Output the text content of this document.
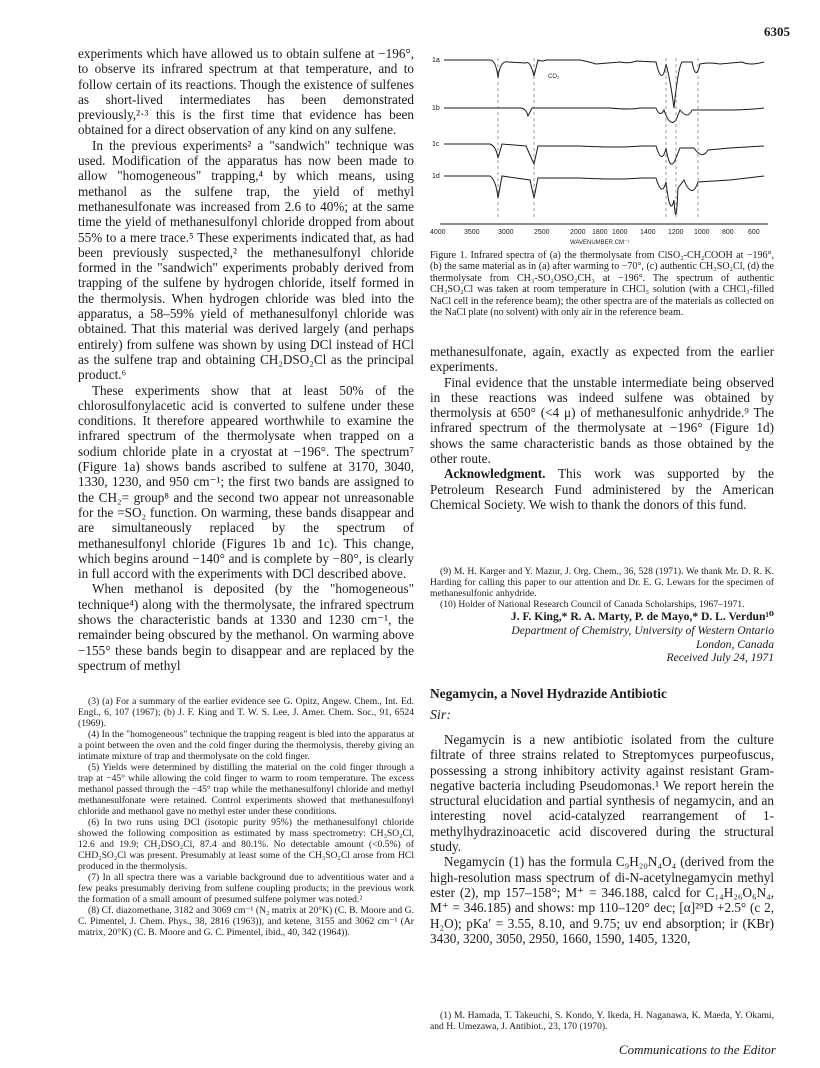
6305

experiments which have allowed us to obtain sulfene at −196°, to observe its infrared spectrum at that temperature, and to follow certain of its reactions. Though the existence of sulfenes as short-lived intermediates has been demonstrated previously,²·³ this is the first time that evidence has been obtained for a direct observation of any kind on any sulfene.

In the previous experiments² a "sandwich" technique was used. Modification of the apparatus has now been made to allow "homogeneous" trapping,⁴ by which means, using methanol as the sulfene trap, the yield of methyl methanesulfonate was increased from 2.6 to 40%; at the same time the yield of methanesulfonyl chloride dropped from about 55% to a mere trace.⁵ These experiments indicated that, as had been previously suspected,² the methanesulfonyl chloride formed in the "sandwich" experiments probably derived from trapping of the sulfene by hydrogen chloride, itself formed in the thermolysis. When hydrogen chloride was bled into the apparatus, a 58–59% yield of methanesulfonyl chloride was obtained. That this material was derived largely (and perhaps entirely) from sulfene was shown by using DCl instead of HCl as the sulfene trap and obtaining CH₂DSO₂Cl as the principal product.⁶

These experiments show that at least 50% of the chlorosulfonylacetic acid is converted to sulfene under these conditions. It therefore appeared worthwhile to examine the infrared spectrum of the thermolysate when trapped on a sodium chloride plate in a cryostat at −196°. The spectrum⁷ (Figure 1a) shows bands ascribed to sulfene at 3170, 3040, 1330, 1230, and 950 cm⁻¹; the first two bands are assigned to the CH₂= group⁸ and the second two appear not unreasonable for the =SO₂ function. On warming, these bands disappear and are simultaneously replaced by the spectrum of methanesulfonyl chloride (Figures 1b and 1c). This change, which begins around −140° and is complete by −80°, is clearly in full accord with the experiments with DCl described above.

When methanol is deposited (by the "homogeneous" technique⁴) along with the thermolysate, the infrared spectrum shows the characteristic bands at 1330 and 1230 cm⁻¹, the remainder being obscured by the methanol. On warming above −155° these bands begin to disappear and are replaced by the spectrum of methyl

(3) (a) For a summary of the earlier evidence see G. Opitz, Angew. Chem., Int. Ed. Engl., 6, 107 (1967); (b) J. F. King and T. W. S. Lee, J. Amer. Chem. Soc., 91, 6524 (1969).

(4) In the "homogeneous" technique the trapping reagent is bled into the apparatus at a point between the oven and the cold finger during the thermolysis, thereby giving an intimate mixture of trap and thermolysate on the cold finger.

(5) Yields were determined by distilling the material on the cold finger through a trap at −45° while allowing the cold finger to warm to room temperature. The excess methanol passed through the −45° trap while the methanesulfonyl chloride and methyl methanesulfonate were retained. Control experiments showed that methanesulfonyl chloride and methanol gave no methyl ester under these conditions.

(6) In two runs using DCl (isotopic purity 95%) the methanesulfonyl chloride showed the following composition as estimated by mass spectrometry: CH₃SO₂Cl, 12.6 and 19.9; CH₂DSO₂Cl, 87.4 and 80.1%. No detectable amount (<0.5%) of CHD₂SO₂Cl was present. Presumably at least some of the CH₃SO₂Cl arose from HCl produced in the thermolysis.

(7) In all spectra there was a variable background due to adventitious water and a few peaks presumably deriving from sulfene coupling products; in the previous work the formation of a small amount of presumed sulfene polymer was noted.²

(8) Cf. diazomethane, 3182 and 3069 cm⁻¹ (N₂ matrix at 20°K) (C. B. Moore and G. C. Pimentel, J. Chem. Phys., 38, 2816 (1963)), and ketene, 3155 and 3062 cm⁻¹ (Ar matrix, 20°K) (C. B. Moore and G. C. Pimentel, ibid., 40, 342 (1964)).

1a
1b
1c
1d
CO₂
4000	3500	3000	2500	2000 1800 1600 1400 1200 1000 800 600
WAVENUMBER CM⁻¹

Figure 1. Infrared spectra of (a) the thermolysate from ClSO₂-CH₂COOH at −196°, (b) the same material as in (a) after warming to −70°, (c) authentic CH₃SO₂Cl, (d) the thermolysate from CH₃-SO₂OSO₂CH₃ at −196°. The spectrum of authentic CH₃SO₂Cl was taken at room temperature in CHCl₃ solution (with a CHCl₃-filled NaCl cell in the reference beam); the other spectra are of the materials as collected on the NaCl plate (no solvent) with only air in the reference beam.

methanesulfonate, again, exactly as expected from the earlier experiments.

Final evidence that the unstable intermediate being observed in these reactions was indeed sulfene was obtained by thermolysis at 650° (<4 μ) of methanesulfonic anhydride.⁹ The infrared spectrum of the thermolysate at −196° (Figure 1d) shows the same characteristic bands as those obtained by the other route.

Acknowledgment. This work was supported by the Petroleum Research Fund administered by the American Chemical Society. We wish to thank the donors of this fund.

(9) M. H. Karger and Y. Mazur, J. Org. Chem., 36, 528 (1971). We thank Mr. D. R. K. Harding for calling this paper to our attention and Dr. E. G. Lewars for the specimen of methanesulfonic anhydride.

(10) Holder of National Research Council of Canada Scholarships, 1967–1971.

J. F. King,* R. A. Marty, P. de Mayo,* D. L. Verdun¹⁰

Department of Chemistry, University of Western Ontario

London, Canada

Received July 24, 1971

Negamycin, a Novel Hydrazide Antibiotic

Sir:

Negamycin is a new antibiotic isolated from the culture filtrate of three strains related to Streptomyces purpeofuscus, possessing a strong inhibitory activity against resistant Gram-negative bacteria including Pseudomonas.¹ We report herein the structural elucidation and partial synthesis of negamycin, and an interesting novel acid-catalyzed rearrangement of 1-methylhydrazinoacetic acid discovered during the structural study.

Negamycin (1) has the formula C₉H₂₀N₄O₄ (derived from the high-resolution mass spectrum of di-N-acetylnegamycin methyl ester (2), mp 157–158°; M⁺ = 346.188, calcd for C₁₄H₂₆O₆N₄, M⁺ = 346.185) and shows: mp 110–120° dec; [α]²⁹D +2.5° (c 2, H₂O); pKa′ = 3.55, 8.10, and 9.75; uv end absorption; ir (KBr) 3430, 3200, 3050, 2950, 1660, 1590, 1405, 1320,

(1) M. Hamada, T. Takeuchi, S. Kondo, Y. Ikeda, H. Naganawa, K. Maeda, Y. Okami, and H. Umezawa, J. Antibiot., 23, 170 (1970).

Communications to the Editor
